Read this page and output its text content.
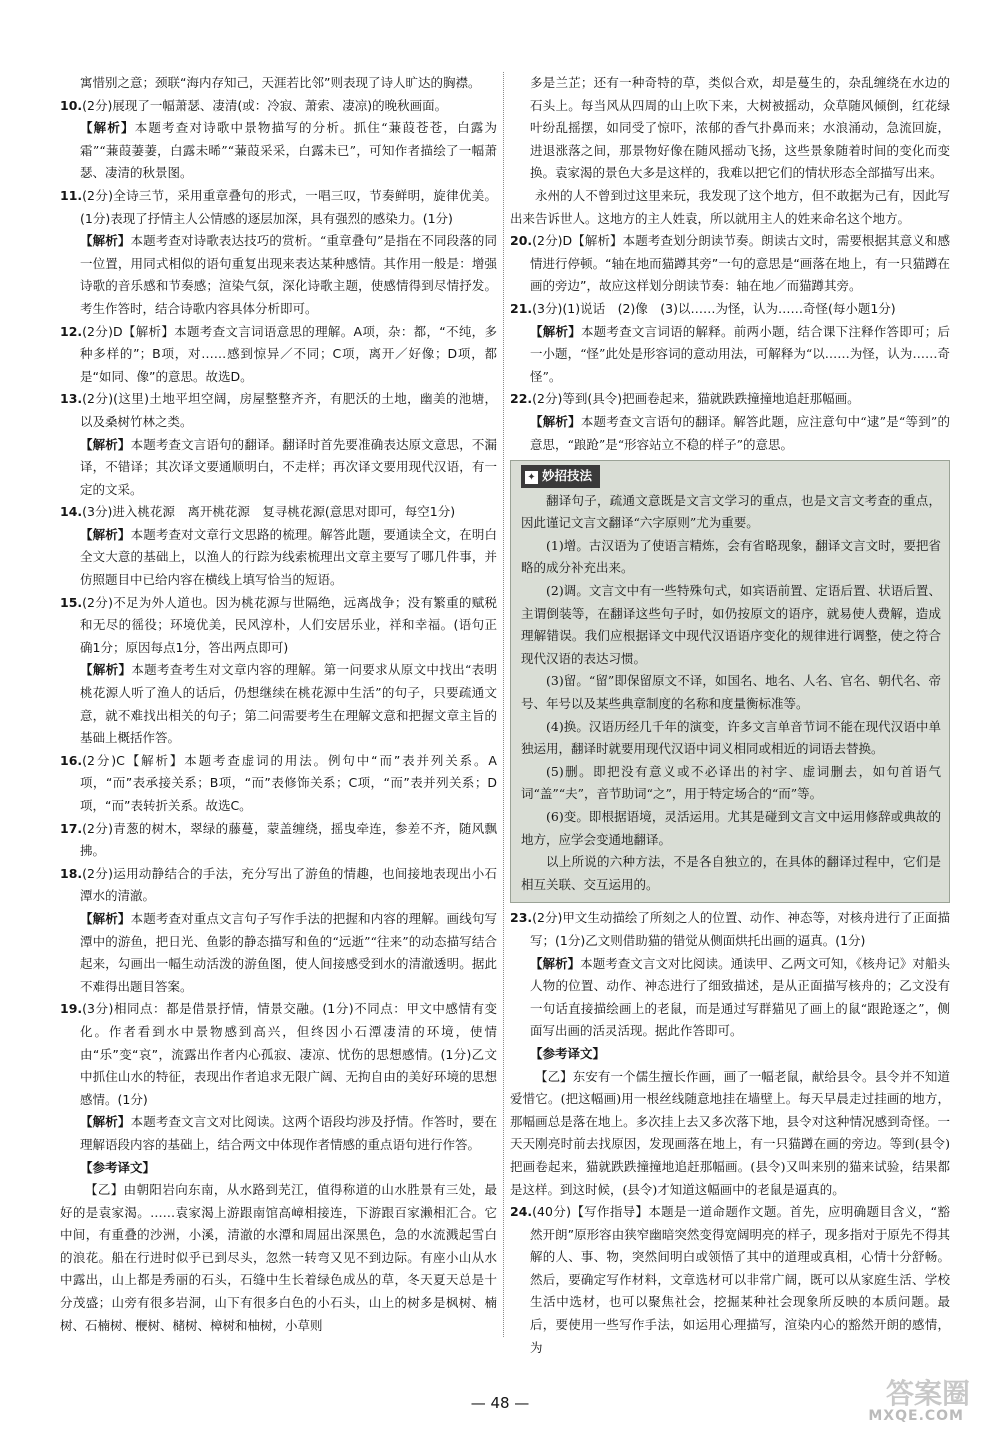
寓惜别之意；颈联“海内存知己，天涯若比邻”则表现了诗人旷达的胸襟。

10.(2分)展现了一幅萧瑟、凄清(或：冷寂、萧索、凄凉)的晚秋画面。

【解析】本题考查对诗歌中景物描写的分析。抓住“蒹葭苍苍，白露为霜”“蒹葭萋萋，白露未晞”“蒹葭采采，白露未已”，可知作者描绘了一幅萧瑟、凄清的秋景图。

11.(2分)全诗三节，采用重章叠句的形式，一唱三叹，节奏鲜明，旋律优美。(1分)表现了抒情主人公情感的逐层加深，具有强烈的感染力。(1分)

【解析】本题考查对诗歌表达技巧的赏析。“重章叠句”是指在不同段落的同一位置，用同式相似的语句重复出现来表达某种感情。其作用一般是：增强诗歌的音乐感和节奏感；渲染气氛，深化诗歌主题，使感情得到尽情抒发。考生作答时，结合诗歌内容具体分析即可。

12.(2分)D【解析】本题考查文言词语意思的理解。A项，杂：都，“不纯，多种多样的”；B项，对……感到惊异／不同；C项，离开／好像；D项，都是“如同、像”的意思。故选D。

13.(2分)(这里)土地平坦空阔，房屋整整齐齐，有肥沃的土地，幽美的池塘，以及桑树竹林之类。

【解析】本题考查文言语句的翻译。翻译时首先要准确表达原文意思，不漏译，不错译；其次译文要通顺明白，不走样；再次译文要用现代汉语，有一定的文采。

14.(3分)进入桃花源　离开桃花源　复寻桃花源(意思对即可，每空1分)

【解析】本题考查对文章行文思路的梳理。解答此题，要通读全文，在明白全文大意的基础上，以渔人的行踪为线索梳理出文章主要写了哪几件事，并仿照题目中已给内容在横线上填写恰当的短语。

15.(2分)不足为外人道也。因为桃花源与世隔绝，远离战争；没有繁重的赋税和无尽的徭役；环境优美，民风淳朴，人们安居乐业，祥和幸福。(语句正确1分；原因每点1分，答出两点即可)

【解析】本题考查考生对文章内容的理解。第一问要求从原文中找出“表明桃花源人听了渔人的话后，仍想继续在桃花源中生活”的句子，只要疏通文意，就不难找出相关的句子；第二问需要考生在理解文意和把握文章主旨的基础上概括作答。

16.(2分)C【解析】本题考查虚词的用法。例句中“而”表并列关系。A项，“而”表承接关系；B项，“而”表修饰关系；C项，“而”表并列关系；D项，“而”表转折关系。故选C。

17.(2分)青葱的树木，翠绿的藤蔓，蒙盖缠绕，摇曳牵连，参差不齐，随风飘拂。

18.(2分)运用动静结合的手法，充分写出了游鱼的情趣，也间接地表现出小石潭水的清澈。

【解析】本题考查对重点文言句子写作手法的把握和内容的理解。画线句写潭中的游鱼，把日光、鱼影的静态描写和鱼的“远逝”“往来”的动态描写结合起来，勾画出一幅生动活泼的游鱼图，使人间接感受到水的清澈透明。据此不难得出题目答案。

19.(3分)相同点：都是借景抒情，情景交融。(1分)不同点：甲文中感情有变化。作者看到水中景物感到高兴，但终因小石潭凄清的环境，使情由“乐”变“哀”，流露出作者内心孤寂、凄凉、忧伤的思想感情。(1分)乙文中抓住山水的特征，表现出作者追求无限广阔、无拘自由的美好环境的思想感情。(1分)

【解析】本题考查文言文对比阅读。这两个语段均涉及抒情。作答时，要在理解语段内容的基础上，结合两文中体现作者情感的重点语句进行作答。

【参考译文】

【乙】由朝阳岩向东南，从水路到芜江，值得称道的山水胜景有三处，最好的是袁家渴。……袁家渴上游跟南馆高嶂相接连，下游跟百家濑相汇合。它中间，有重叠的沙洲，小溪，清澈的水潭和周屈出深黑色，急的水流溅起雪白的浪花。船在行进时似乎已到尽头，忽然一转弯又见不到边际。有座小山从水中露出，山上都是秀丽的石头，石缝中生长着绿色成丛的草，冬天夏天总是十分茂盛；山旁有很多岩洞，山下有很多白色的小石头，山上的树多是枫树、楠树、石楠树、楩树、槠树、樟树和柚树，小草则

多是兰芷；还有一种奇特的草，类似合欢，却是蔓生的，杂乱缠绕在水边的石头上。每当风从四周的山上吹下来，大树被摇动，众草随风倾倒，红花绿叶纷乱摇摆，如同受了惊吓，浓郁的香气扑鼻而来；水浪涌动，急流回旋，进退涨落之间，那景物好像在随风摇动飞扬，这些景象随着时间的变化而变换。袁家渴的景色大多是这样的，我难以把它们的情状形态全部描写出来。

永州的人不曾到过这里来玩，我发现了这个地方，但不敢据为己有，因此写出来告诉世人。这地方的主人姓袁，所以就用主人的姓来命名这个地方。

20.(2分)D【解析】本题考查划分朗读节奏。朗读古文时，需要根据其意义和感情进行停顿。“轴在地而猫蹲其旁”一句的意思是“画落在地上，有一只猫蹲在画的旁边”，故应这样划分朗读节奏：轴在地／而猫蹲其旁。

21.(3分)(1)说话　(2)像　(3)以……为怪，认为……奇怪(每小题1分)

【解析】本题考查文言词语的解释。前两小题，结合课下注释作答即可；后一小题，“怪”此处是形容词的意动用法，可解释为“以……为怪，认为……奇怪”。

22.(2分)等到(具令)把画卷起来，猫就跌跌撞撞地追赶那幅画。

【解析】本题考查文言语句的翻译。解答此题，应注意句中“逮”是“等到”的意思，“踉跄”是“形容站立不稳的样子”的意思。

✦ 妙招技法

翻译句子，疏通文意既是文言文学习的重点，也是文言文考查的重点，因此谨记文言文翻译“六字原则”尤为重要。

(1)增。古汉语为了使语言精炼，会有省略现象，翻译文言文时，要把省略的成分补充出来。

(2)调。文言文中有一些特殊句式，如宾语前置、定语后置、状语后置、主谓倒装等，在翻译这些句子时，如仍按原文的语序，就易使人费解，造成理解错误。我们应根据译文中现代汉语语序变化的规律进行调整，使之符合现代汉语的表达习惯。

(3)留。“留”即保留原文不译，如国名、地名、人名、官名、朝代名、帝号、年号以及某些典章制度的名称和度量衡标准等。

(4)换。汉语历经几千年的演变，许多文言单音节词不能在现代汉语中单独运用，翻译时就要用现代汉语中词义相同或相近的词语去替换。

(5)删。即把没有意义或不必译出的衬字、虚词删去，如句首语气词“盖”“夫”，音节助词“之”，用于特定场合的“而”等。

(6)变。即根据语境，灵活运用。尤其是碰到文言文中运用修辞或典故的地方，应学会变通地翻译。

以上所说的六种方法，不是各自独立的，在具体的翻译过程中，它们是相互关联、交互运用的。

23.(2分)甲文生动描绘了所刻之人的位置、动作、神态等，对核舟进行了正面描写；(1分)乙文则借助猫的错觉从侧面烘托出画的逼真。(1分)

【解析】本题考查文言文对比阅读。通读甲、乙两文可知，《核舟记》对船头人物的位置、动作、神态进行了细致描述，是从正面描写核舟的；乙文没有一句话直接描绘画上的老鼠，而是通过写群猫见了画上的鼠“跟跄逐之”，侧面写出画的活灵活现。据此作答即可。

【参考译文】

【乙】东安有一个儒生擅长作画，画了一幅老鼠，献给县令。县令并不知道爱惜它。(把这幅画)用一根丝线随意地挂在墙壁上。每天早晨走过挂画的地方，那幅画总是落在地上。多次挂上去又多次落下地，县令对这种情况感到奇怪。一天天刚亮时前去找原因，发现画落在地上，有一只猫蹲在画的旁边。等到(县令)把画卷起来，猫就跌跌撞撞地追赶那幅画。(县令)又叫来别的猫来试验，结果都是这样。到这时候，(县令)才知道这幅画中的老鼠是逼真的。

24.(40分)【写作指导】本题是一道命题作文题。首先，应明确题目含义，“豁然开朗”原形容由狭窄幽暗突然变得宽阔明亮的样子，现多指对于原先不得其解的人、事、物，突然间明白或领悟了其中的道理或真相，心情十分舒畅。然后，要确定写作材料，文章选材可以非常广阔，既可以从家庭生活、学校生活中选材，也可以聚焦社会，挖掘某种社会现象所反映的本质问题。最后，要使用一些写作手法，如运用心理描写，渲染内心的豁然开朗的感情，为

— 48 —	答案圈
MXQE.COM
